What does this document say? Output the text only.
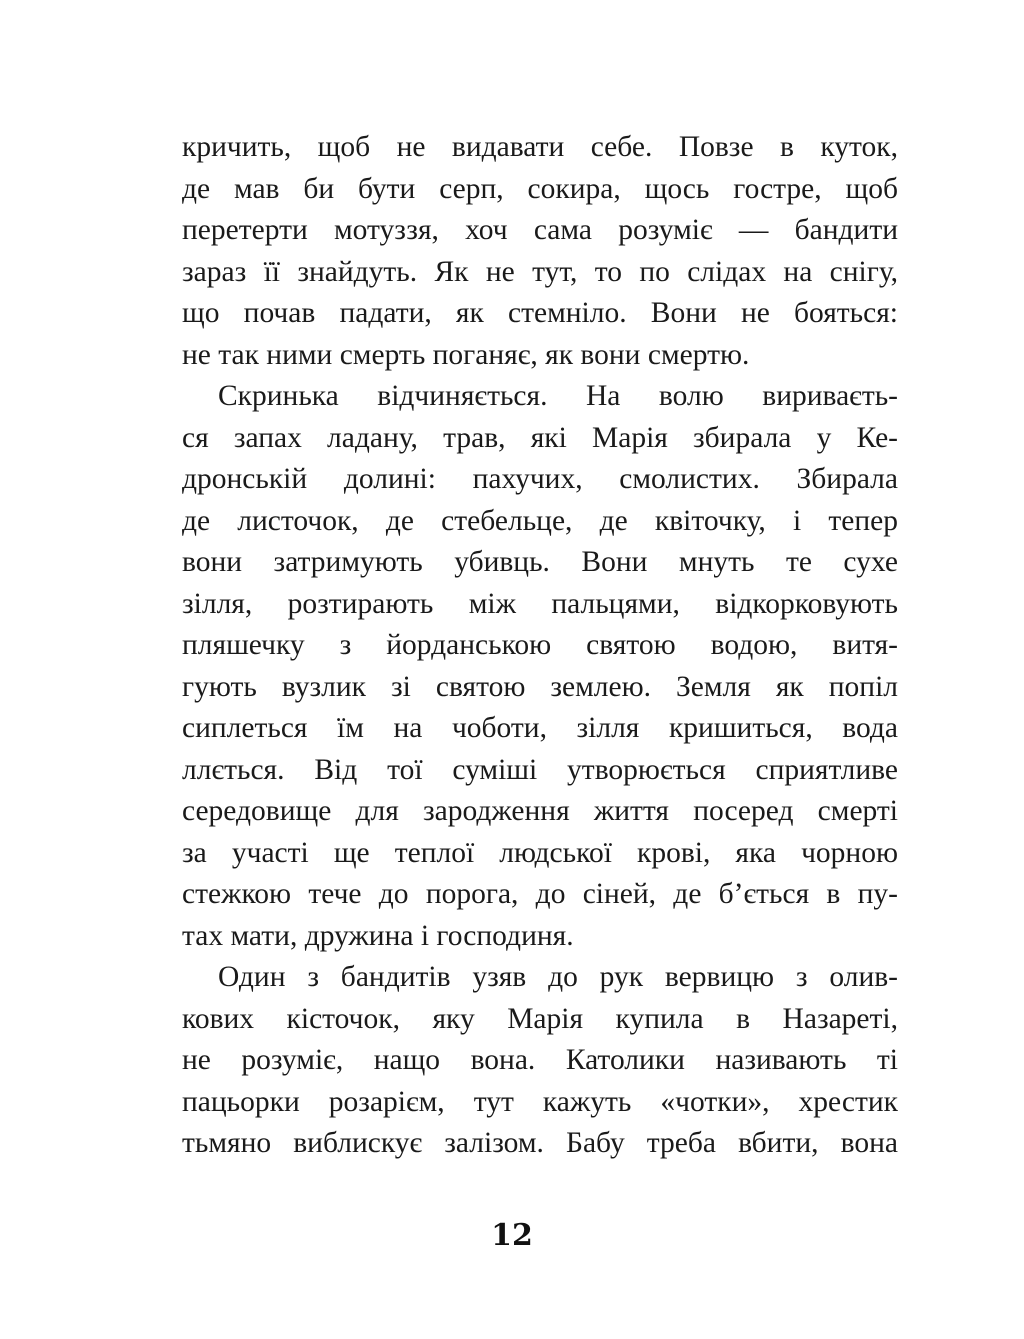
кричить, щоб не видавати себе. Повзе в куток,
де мав би бути серп, сокира, щось гостре, щоб
перетерти мотуззя, хоч сама розуміє — бандити
зараз її знайдуть. Як не тут, то по слідах на снігу,
що почав падати, як стемніло. Вони не бояться:
не так ними смерть поганяє, як вони смертю.
Скринька відчиняється. На волю вириваєть-
ся запах ладану, трав, які Марія збирала у Ке-
дронській долині: пахучих, смолистих. Збирала
де листочок, де стебельце, де квіточку, і тепер
вони затримують убивць. Вони мнуть те сухе
зілля, розтирають між пальцями, відкорковують
пляшечку з йорданською святою водою, витя-
гують вузлик зі святою землею. Земля як попіл
сиплеться їм на чоботи, зілля кришиться, вода
ллється. Від тої суміші утворюється сприятливе
середовище для зародження життя посеред смерті
за участі ще теплої людської крові, яка чорною
стежкою тече до порога, до сіней, де б’ється в пу-
тах мати, дружина і господиня.
Один з бандитів узяв до рук вервицю з олив-
кових кісточок, яку Марія купила в Назареті,
не розуміє, нащо вона. Католики називають ті
пацьорки розарієм, тут кажуть «чотки», хрестик
тьмяно виблискує залізом. Бабу треба вбити, вона
12
